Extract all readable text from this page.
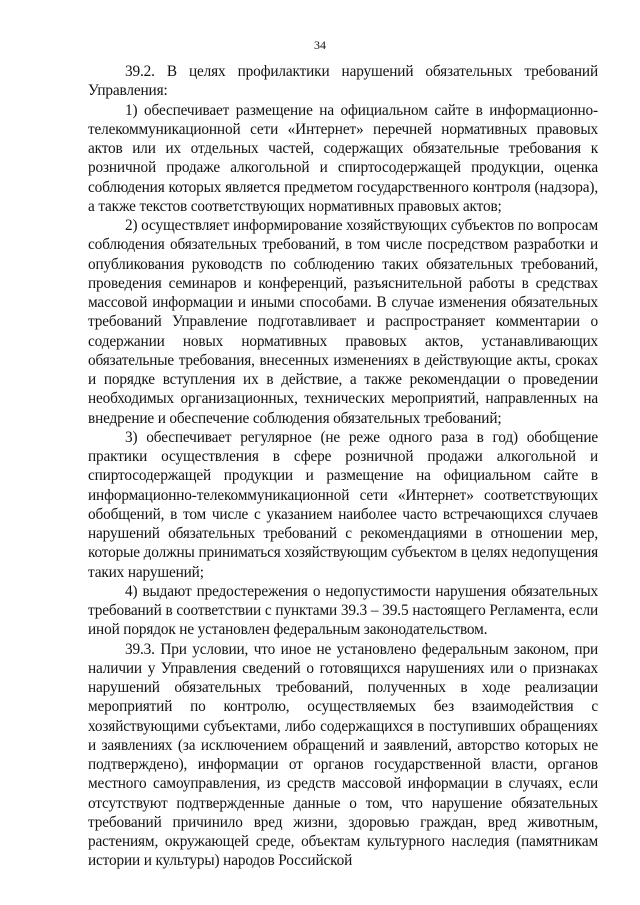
34

39.2. В целях профилактики нарушений обязательных требований Управления:

1) обеспечивает размещение на официальном сайте в информационно-телекоммуникационной сети «Интернет» перечней нормативных правовых актов или их отдельных частей, содержащих обязательные требования к розничной продаже алкогольной и спиртосодержащей продукции, оценка соблюдения которых является предметом государственного контроля (надзора), а также текстов соответствующих нормативных правовых актов;

2) осуществляет информирование хозяйствующих субъектов по вопросам соблюдения обязательных требований, в том числе посредством разработки и опубликования руководств по соблюдению таких обязательных требований, проведения семинаров и конференций, разъяснительной работы в средствах массовой информации и иными способами. В случае изменения обязательных требований Управление подготавливает и распространяет комментарии о содержании новых нормативных правовых актов, устанавливающих обязательные требования, внесенных изменениях в действующие акты, сроках и порядке вступления их в действие, а также рекомендации о проведении необходимых организационных, технических мероприятий, направленных на внедрение и обеспечение соблюдения обязательных требований;

3) обеспечивает регулярное (не реже одного раза в год) обобщение практики осуществления в сфере розничной продажи алкогольной и спиртосодержащей продукции и размещение на официальном сайте в информационно-телекоммуникационной сети «Интернет» соответствующих обобщений, в том числе с указанием наиболее часто встречающихся случаев нарушений обязательных требований с рекомендациями в отношении мер, которые должны приниматься хозяйствующим субъектом в целях недопущения таких нарушений;

4) выдают предостережения о недопустимости нарушения обязательных требований в соответствии с пунктами 39.3 – 39.5 настоящего Регламента, если иной порядок не установлен федеральным законодательством.

39.3. При условии, что иное не установлено федеральным законом, при наличии у Управления сведений о готовящихся нарушениях или о признаках нарушений обязательных требований, полученных в ходе реализации мероприятий по контролю, осуществляемых без взаимодействия с хозяйствующими субъектами, либо содержащихся в поступивших обращениях и заявлениях (за исключением обращений и заявлений, авторство которых не подтверждено), информации от органов государственной власти, органов местного самоуправления, из средств массовой информации в случаях, если отсутствуют подтвержденные данные о том, что нарушение обязательных требований причинило вред жизни, здоровью граждан, вред животным, растениям, окружающей среде, объектам культурного наследия (памятникам истории и культуры) народов Российской
